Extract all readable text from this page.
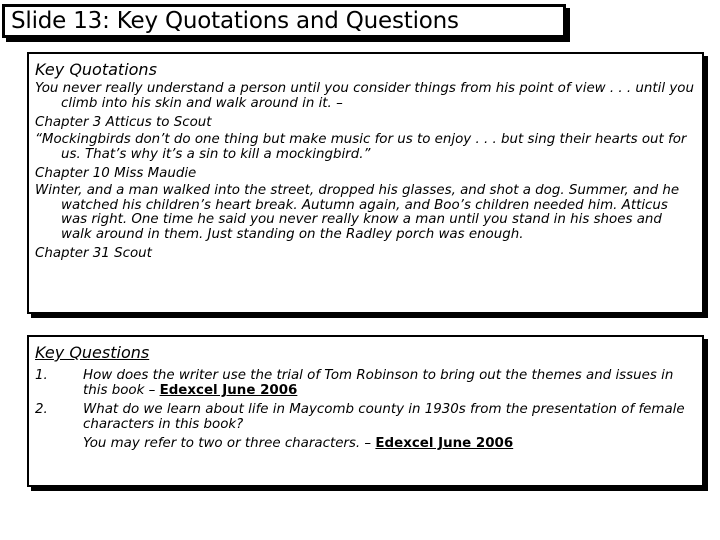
Slide 13: Key Quotations and Questions
Key Quotations

You never really understand a person until you consider things from his point of view . . . until you climb into his skin and walk around in it. –

Chapter 3 Atticus to Scout

“Mockingbirds don’t do one thing but make music for us to enjoy . . . but sing their hearts out for us. That’s why it’s a sin to kill a mockingbird.”

Chapter 10 Miss Maudie

Winter, and a man walked into the street, dropped his glasses, and shot a dog. Summer, and he watched his children’s heart break. Autumn again, and Boo’s children needed him. Atticus was right. One time he said you never really know a man until you stand in his shoes and walk around in them. Just standing on the Radley porch was enough.

Chapter 31 Scout

Key Questions
1.	How does the writer use the trial of Tom Robinson to bring out the themes and issues in this book – Edexcel June 2006
2.	What do we learn about life in Maycomb county in 1930s from the presentation of female characters in this book?
You may refer to two or three characters. – Edexcel June 2006
